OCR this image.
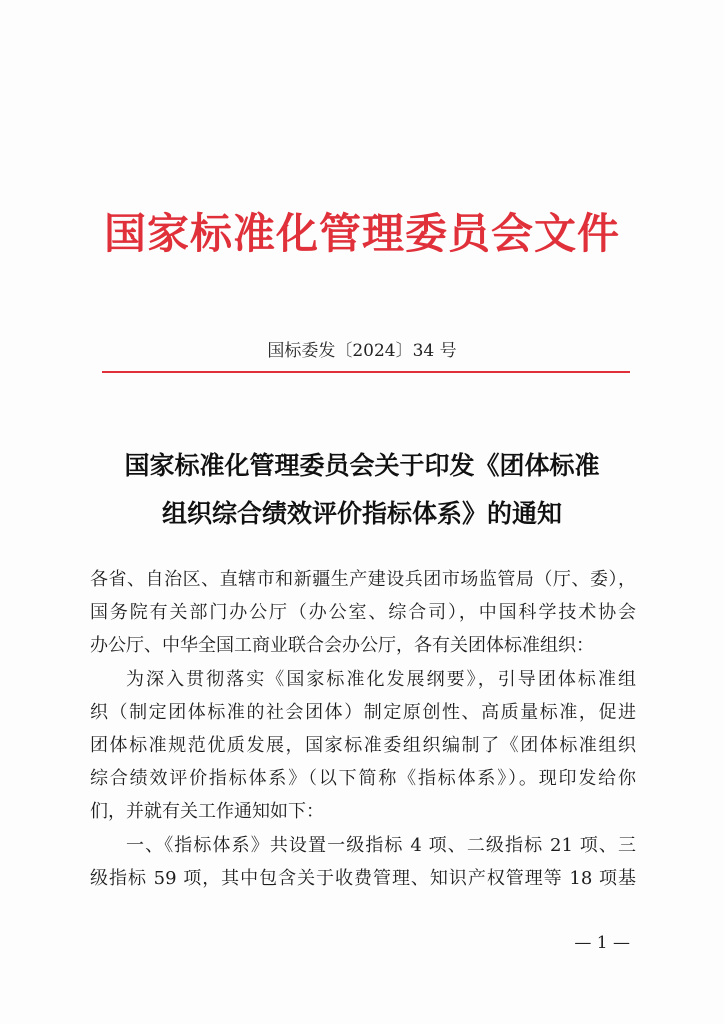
国家标准化管理委员会文件
国标委发〔2024〕34 号
国家标准化管理委员会关于印发《团体标准
组织综合绩效评价指标体系》的通知
各省、自治区、直辖市和新疆生产建设兵团市场监管局（厅、委），
国务院有关部门办公厅（办公室、综合司），中国科学技术协会
办公厅、中华全国工商业联合会办公厅，各有关团体标准组织：
为深入贯彻落实《国家标准化发展纲要》，引导团体标准组
织（制定团体标准的社会团体）制定原创性、高质量标准，促进
团体标准规范优质发展，国家标准委组织编制了《团体标准组织
综合绩效评价指标体系》（以下简称《指标体系》）。现印发给你
们，并就有关工作通知如下：
一、《指标体系》共设置一级指标 4 项、二级指标 21 项、三
级指标 59 项，其中包含关于收费管理、知识产权管理等 18 项基
— 1 —
